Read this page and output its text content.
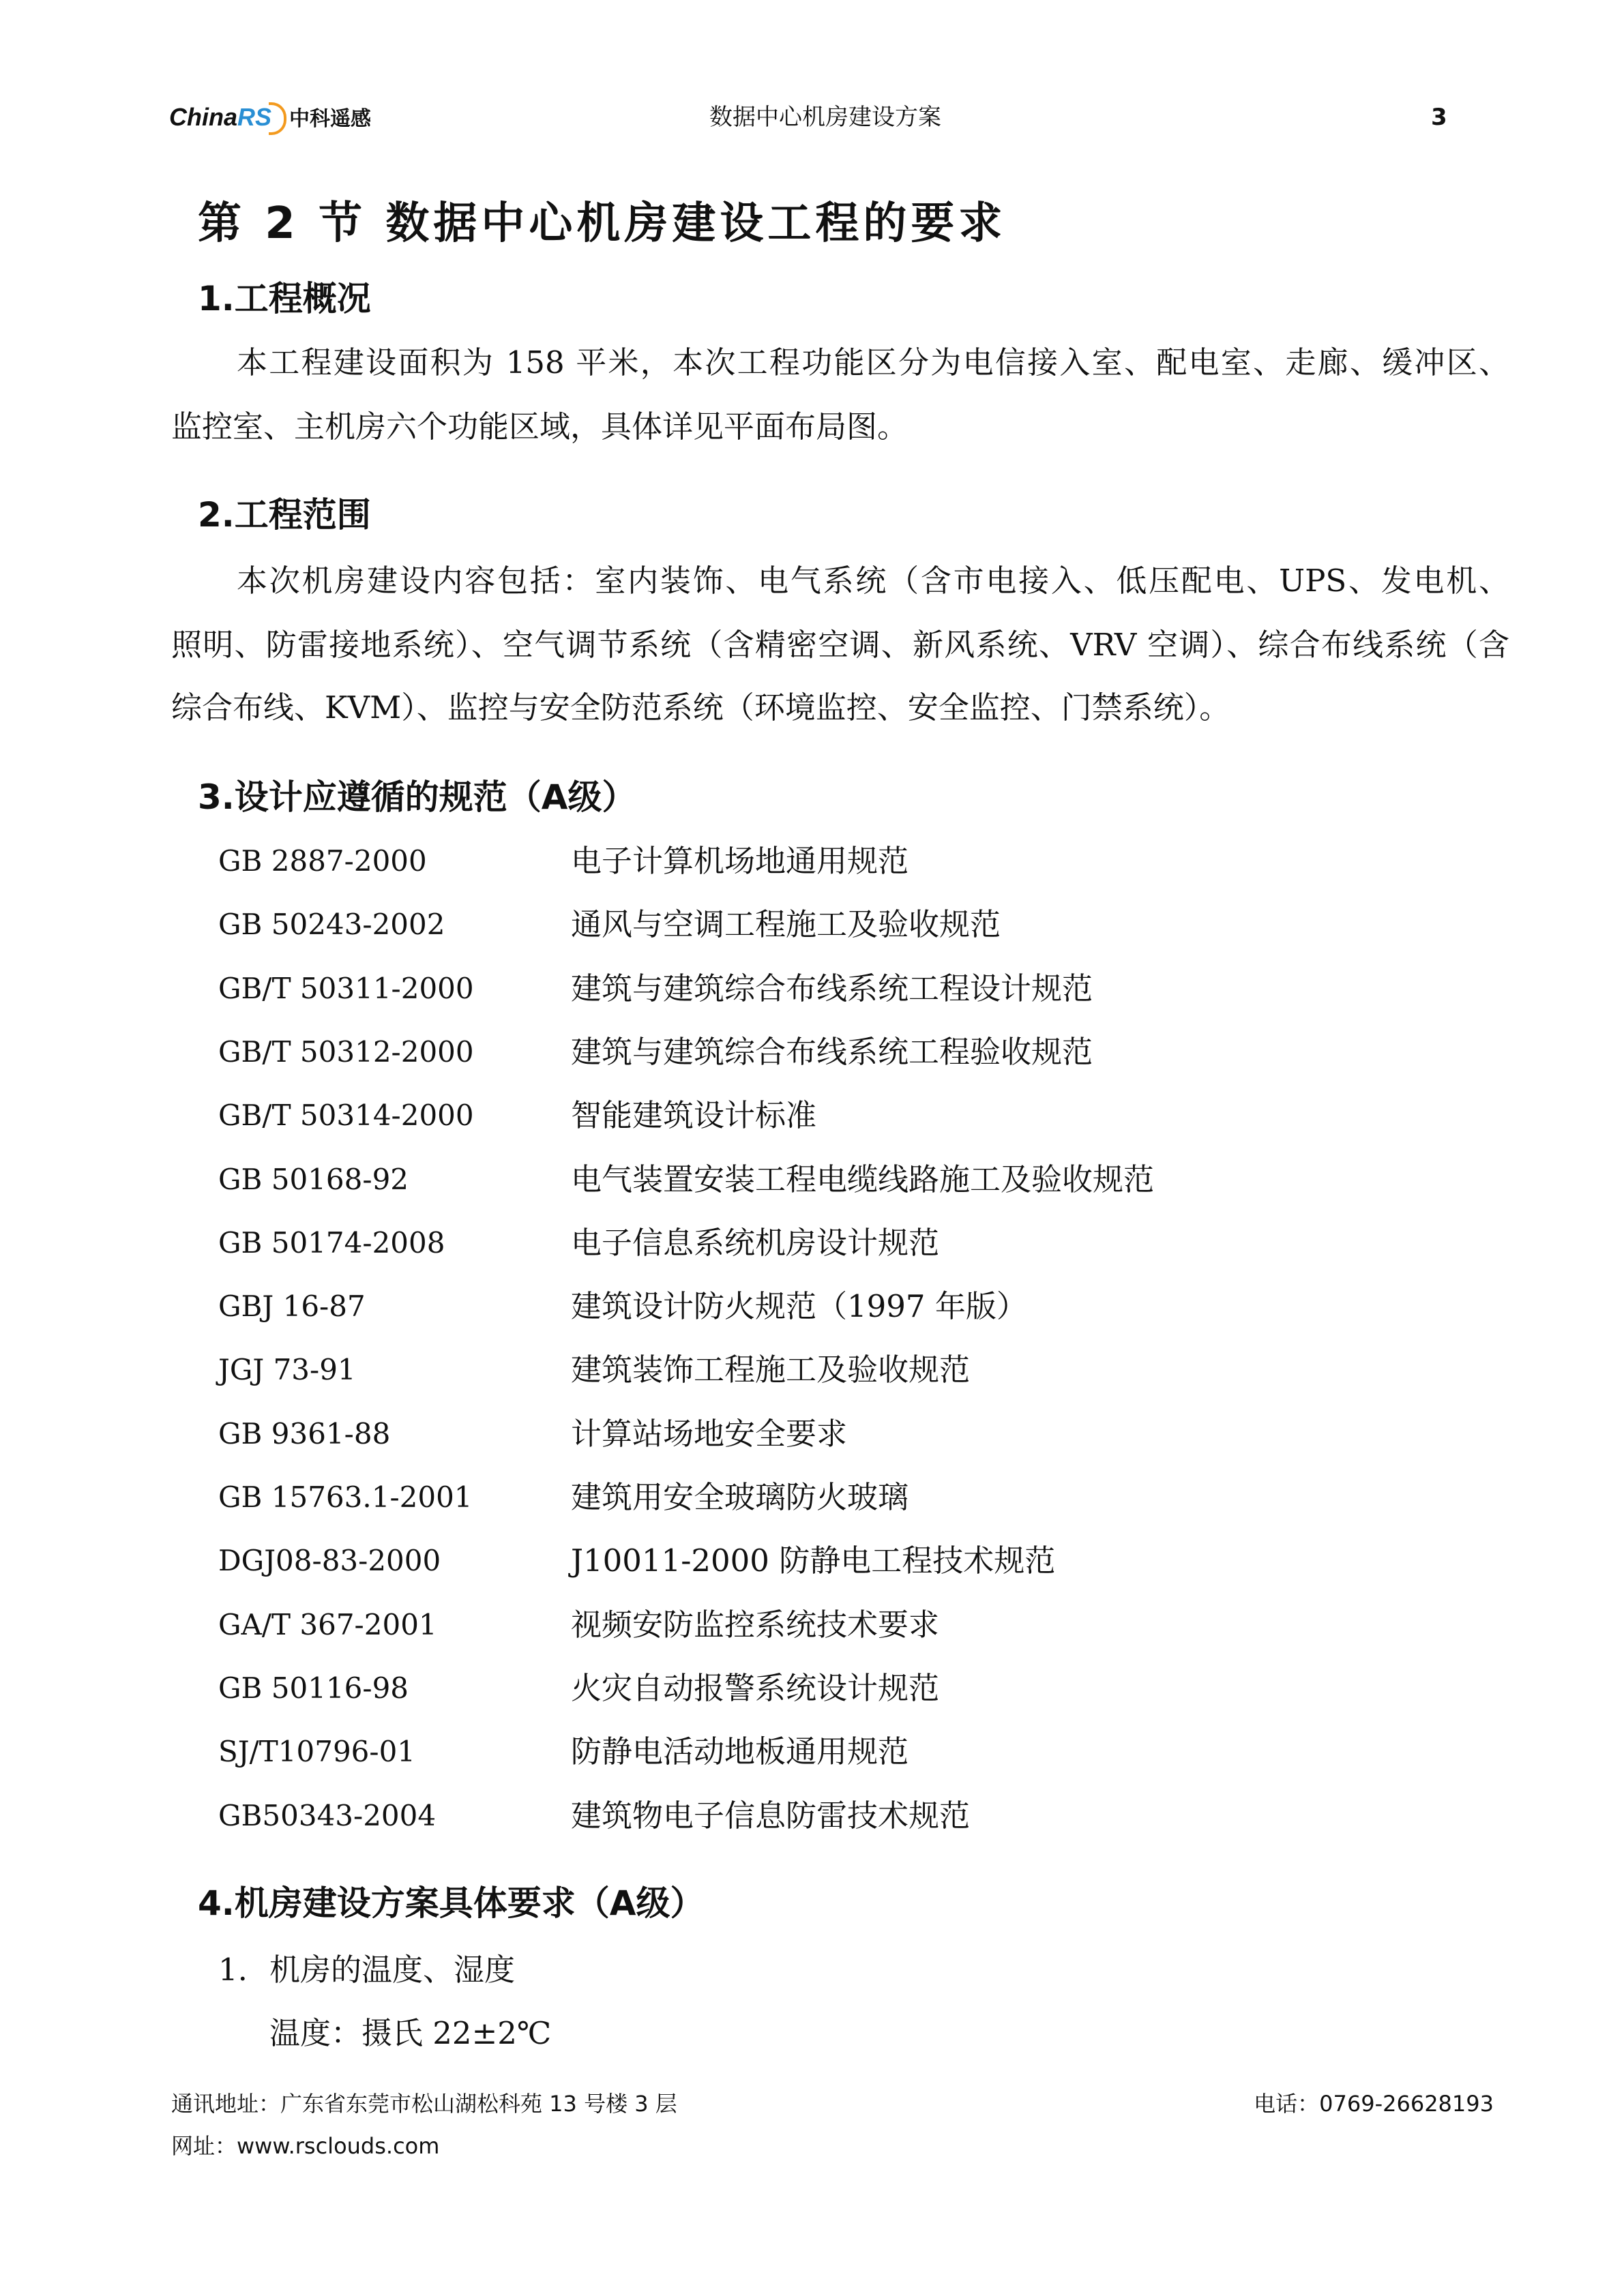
ChinaRS 中科遥感	数据中心机房建设方案	3
第 2 节 数据中心机房建设工程的要求
1.工程概况
本工程建设面积为 158 平米，本次工程功能区分为电信接入室、配电室、走廊、缓冲区、
监控室、主机房六个功能区域，具体详见平面布局图。
2.工程范围
本次机房建设内容包括：室内装饰、电气系统（含市电接入、低压配电、UPS、发电机、
照明、防雷接地系统）、空气调节系统（含精密空调、新风系统、VRV 空调）、综合布线系统（含
综合布线、KVM）、监控与安全防范系统（环境监控、安全监控、门禁系统）。
3.设计应遵循的规范（A级）
GB 2887-2000	电子计算机场地通用规范
GB 50243-2002	通风与空调工程施工及验收规范
GB/T 50311-2000	建筑与建筑综合布线系统工程设计规范
GB/T 50312-2000	建筑与建筑综合布线系统工程验收规范
GB/T 50314-2000	智能建筑设计标准
GB 50168-92	电气装置安装工程电缆线路施工及验收规范
GB 50174-2008	电子信息系统机房设计规范
GBJ 16-87	建筑设计防火规范（1997 年版）
JGJ 73-91	建筑装饰工程施工及验收规范
GB 9361-88	计算站场地安全要求
GB 15763.1-2001	建筑用安全玻璃防火玻璃
DGJ08-83-2000	J10011-2000 防静电工程技术规范
GA/T 367-2001	视频安防监控系统技术要求
GB 50116-98	火灾自动报警系统设计规范
SJ/T10796-01	防静电活动地板通用规范
GB50343-2004	建筑物电子信息防雷技术规范
4.机房建设方案具体要求（A级）
1. 机房的温度、湿度
温度：摄氏 22±2℃
通讯地址：广东省东莞市松山湖松科苑 13 号楼 3 层	电话：0769-26628193
网址：www.rsclouds.com
